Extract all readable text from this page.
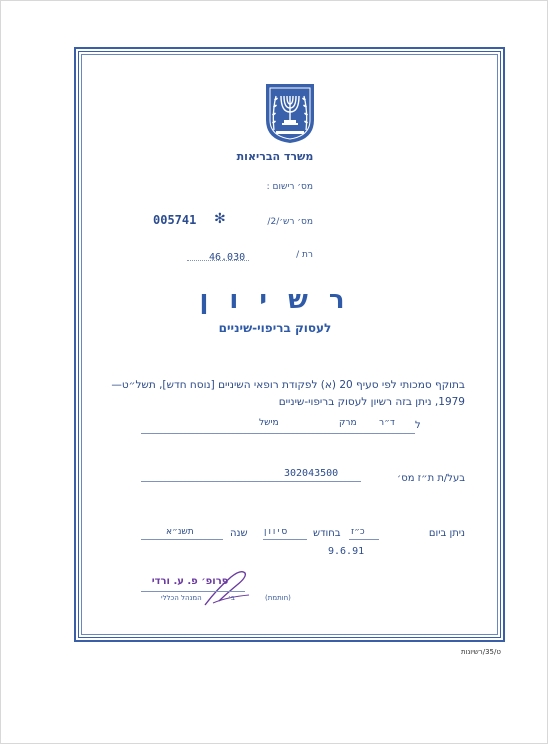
משרד הבריאות
מס׳ רישום :
005741 ✻	מס׳ רש׳/2/
46.030	רת /
ר ש י ו ן
לעסוק בריפוי-שיניים
בתוקף סמכותי לפי סעיף 20 (א) לפקודת רופאי השיניים [נוסח חדש], תשל״ט—1979, ניתן בזה רשיון לעסוק בריפוי-שיניים
ל
ד״ר
מרק
מישל
302043500	בעל/ת ת״ז מס׳
ניתן ביום
כ״ז
בחודש
סיוון
שנה
תשנ״א
9.6.91
פרופ׳ פ. ע. ורדי
המנהל הכללי	ב׳	(חותמת)
ט/35/רשיונות
